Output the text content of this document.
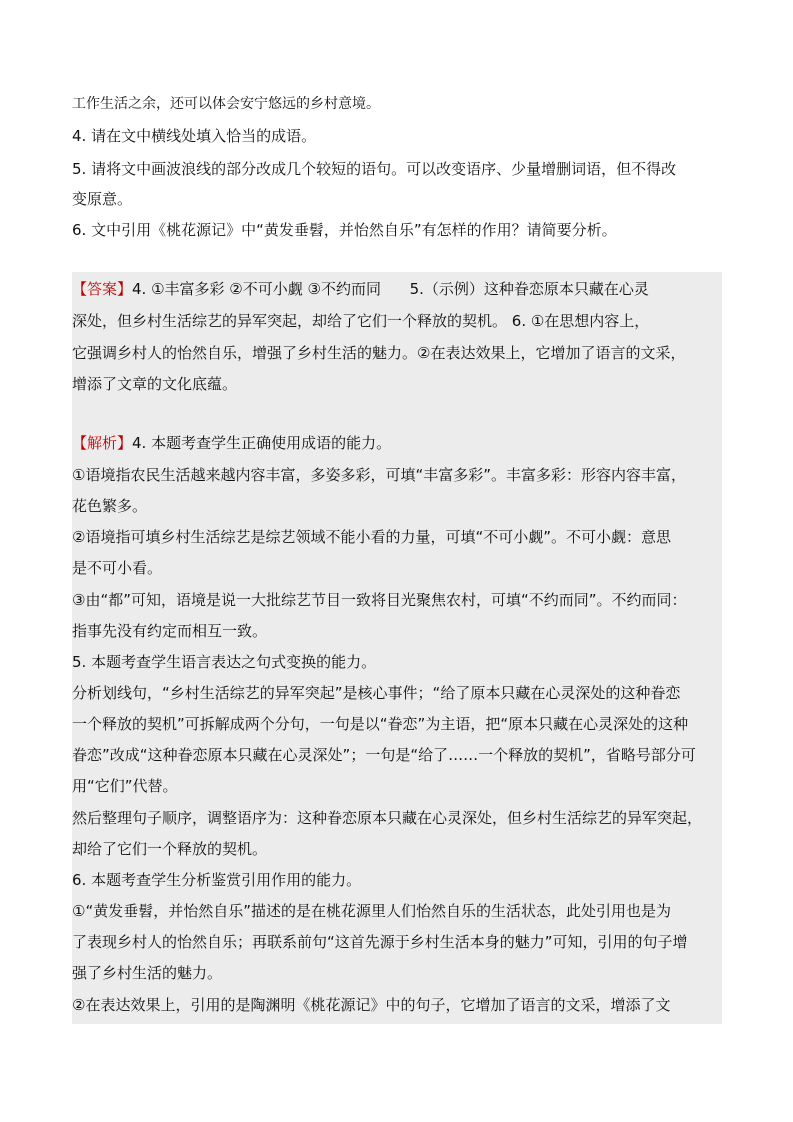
工作生活之余，还可以体会安宁悠远的乡村意境。
4. 请在文中横线处填入恰当的成语。
5. 请将文中画波浪线的部分改成几个较短的语句。可以改变语序、少量增删词语，但不得改
变原意。
6. 文中引用《桃花源记》中“黄发垂髫，并怡然自乐”有怎样的作用？请简要分析。
【答案】4. ①丰富多彩 ②不可小觑 ③不约而同      5.（示例）这种眷恋原本只藏在心灵
深处，但乡村生活综艺的异军突起，却给了它们一个释放的契机。 6. ①在思想内容上，
它强调乡村人的怡然自乐，增强了乡村生活的魅力。②在表达效果上，它增加了语言的文采，
增添了文章的文化底蕴。
【解析】4. 本题考查学生正确使用成语的能力。
①语境指农民生活越来越内容丰富，多姿多彩，可填“丰富多彩”。丰富多彩：形容内容丰富，
花色繁多。
②语境指可填乡村生活综艺是综艺领域不能小看的力量，可填“不可小觑”。不可小觑：意思
是不可小看。
③由“都”可知，语境是说一大批综艺节目一致将目光聚焦农村，可填“不约而同”。不约而同：
指事先没有约定而相互一致。
5. 本题考查学生语言表达之句式变换的能力。
分析划线句，“乡村生活综艺的异军突起”是核心事件；“给了原本只藏在心灵深处的这种眷恋
一个释放的契机”可拆解成两个分句，一句是以“眷恋”为主语，把“原本只藏在心灵深处的这种
眷恋”改成“这种眷恋原本只藏在心灵深处”；一句是“给了……一个释放的契机”，省略号部分可
用“它们”代替。
然后整理句子顺序，调整语序为：这种眷恋原本只藏在心灵深处，但乡村生活综艺的异军突起，
却给了它们一个释放的契机。
6. 本题考查学生分析鉴赏引用作用的能力。
①“黄发垂髫，并怡然自乐”描述的是在桃花源里人们怡然自乐的生活状态，此处引用也是为
了表现乡村人的怡然自乐；再联系前句“这首先源于乡村生活本身的魅力”可知，引用的句子增
强了乡村生活的魅力。
②在表达效果上，引用的是陶渊明《桃花源记》中的句子，它增加了语言的文采，增添了文
